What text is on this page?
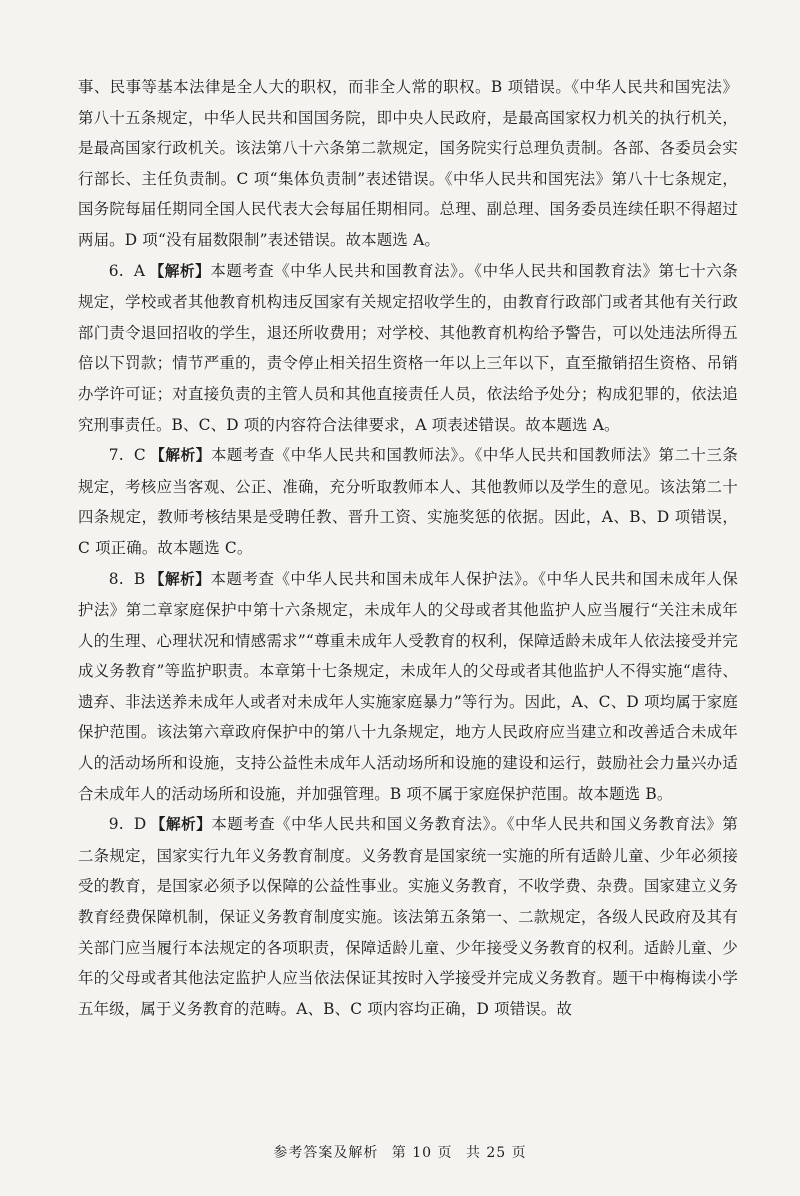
事、民事等基本法律是全人大的职权，而非全人常的职权。B 项错误。《中华人民共和国宪法》第八十五条规定，中华人民共和国国务院，即中央人民政府，是最高国家权力机关的执行机关，是最高国家行政机关。该法第八十六条第二款规定，国务院实行总理负责制。各部、各委员会实行部长、主任负责制。C 项“集体负责制”表述错误。《中华人民共和国宪法》第八十七条规定，国务院每届任期同全国人民代表大会每届任期相同。总理、副总理、国务委员连续任职不得超过两届。D 项“没有届数限制”表述错误。故本题选 A。

6. A 【解析】本题考查《中华人民共和国教育法》。《中华人民共和国教育法》第七十六条规定，学校或者其他教育机构违反国家有关规定招收学生的，由教育行政部门或者其他有关行政部门责令退回招收的学生，退还所收费用；对学校、其他教育机构给予警告，可以处违法所得五倍以下罚款；情节严重的，责令停止相关招生资格一年以上三年以下，直至撤销招生资格、吊销办学许可证；对直接负责的主管人员和其他直接责任人员，依法给予处分；构成犯罪的，依法追究刑事责任。B、C、D 项的内容符合法律要求，A 项表述错误。故本题选 A。

7. C 【解析】本题考查《中华人民共和国教师法》。《中华人民共和国教师法》第二十三条规定，考核应当客观、公正、准确，充分听取教师本人、其他教师以及学生的意见。该法第二十四条规定，教师考核结果是受聘任教、晋升工资、实施奖惩的依据。因此，A、B、D 项错误，C 项正确。故本题选 C。

8. B 【解析】本题考查《中华人民共和国未成年人保护法》。《中华人民共和国未成年人保护法》第二章家庭保护中第十六条规定，未成年人的父母或者其他监护人应当履行“关注未成年人的生理、心理状况和情感需求”“尊重未成年人受教育的权利，保障适龄未成年人依法接受并完成义务教育”等监护职责。本章第十七条规定，未成年人的父母或者其他监护人不得实施“虐待、遗弃、非法送养未成年人或者对未成年人实施家庭暴力”等行为。因此，A、C、D 项均属于家庭保护范围。该法第六章政府保护中的第八十九条规定，地方人民政府应当建立和改善适合未成年人的活动场所和设施，支持公益性未成年人活动场所和设施的建设和运行，鼓励社会力量兴办适合未成年人的活动场所和设施，并加强管理。B 项不属于家庭保护范围。故本题选 B。

9. D 【解析】本题考查《中华人民共和国义务教育法》。《中华人民共和国义务教育法》第二条规定，国家实行九年义务教育制度。义务教育是国家统一实施的所有适龄儿童、少年必须接受的教育，是国家必须予以保障的公益性事业。实施义务教育，不收学费、杂费。国家建立义务教育经费保障机制，保证义务教育制度实施。该法第五条第一、二款规定，各级人民政府及其有关部门应当履行本法规定的各项职责，保障适龄儿童、少年接受义务教育的权利。适龄儿童、少年的父母或者其他法定监护人应当依法保证其按时入学接受并完成义务教育。题干中梅梅读小学五年级，属于义务教育的范畴。A、B、C 项内容均正确，D 项错误。故

参考答案及解析 第 10 页 共 25 页
